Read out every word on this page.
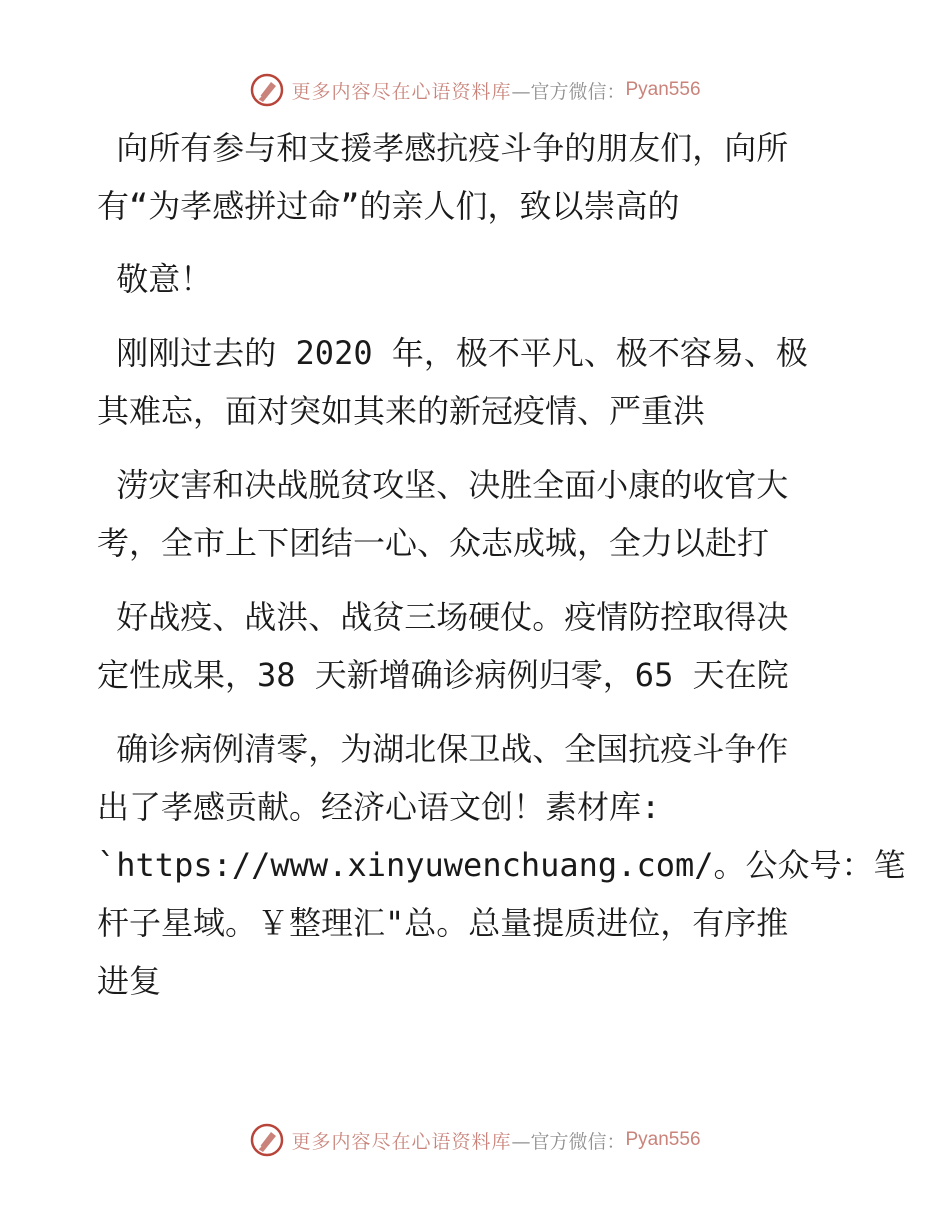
更多内容尽在心语资料库 —官方微信： Pyan556
向所有参与和支援孝感抗疫斗争的朋友们，向所
有“为孝感拼过命”的亲人们，致以崇高的
敬意！
刚刚过去的 2020 年，极不平凡、极不容易、极
其难忘，面对突如其来的新冠疫情、严重洪
涝灾害和决战脱贫攻坚、决胜全面小康的收官大
考，全市上下团结一心、众志成城，全力以赴打
好战疫、战洪、战贫三场硬仗。疫情防控取得决
定性成果，38 天新增确诊病例归零，65 天在院
确诊病例清零，为湖北保卫战、全国抗疫斗争作
出了孝感贡献。经济心语文创！素材库:
`https://www.xinyuwenchuang.com/。公众号：笔
杆子星域。￥整理汇"总。总量提质进位，有序推
进复
更多内容尽在心语资料库 —官方微信： Pyan556
